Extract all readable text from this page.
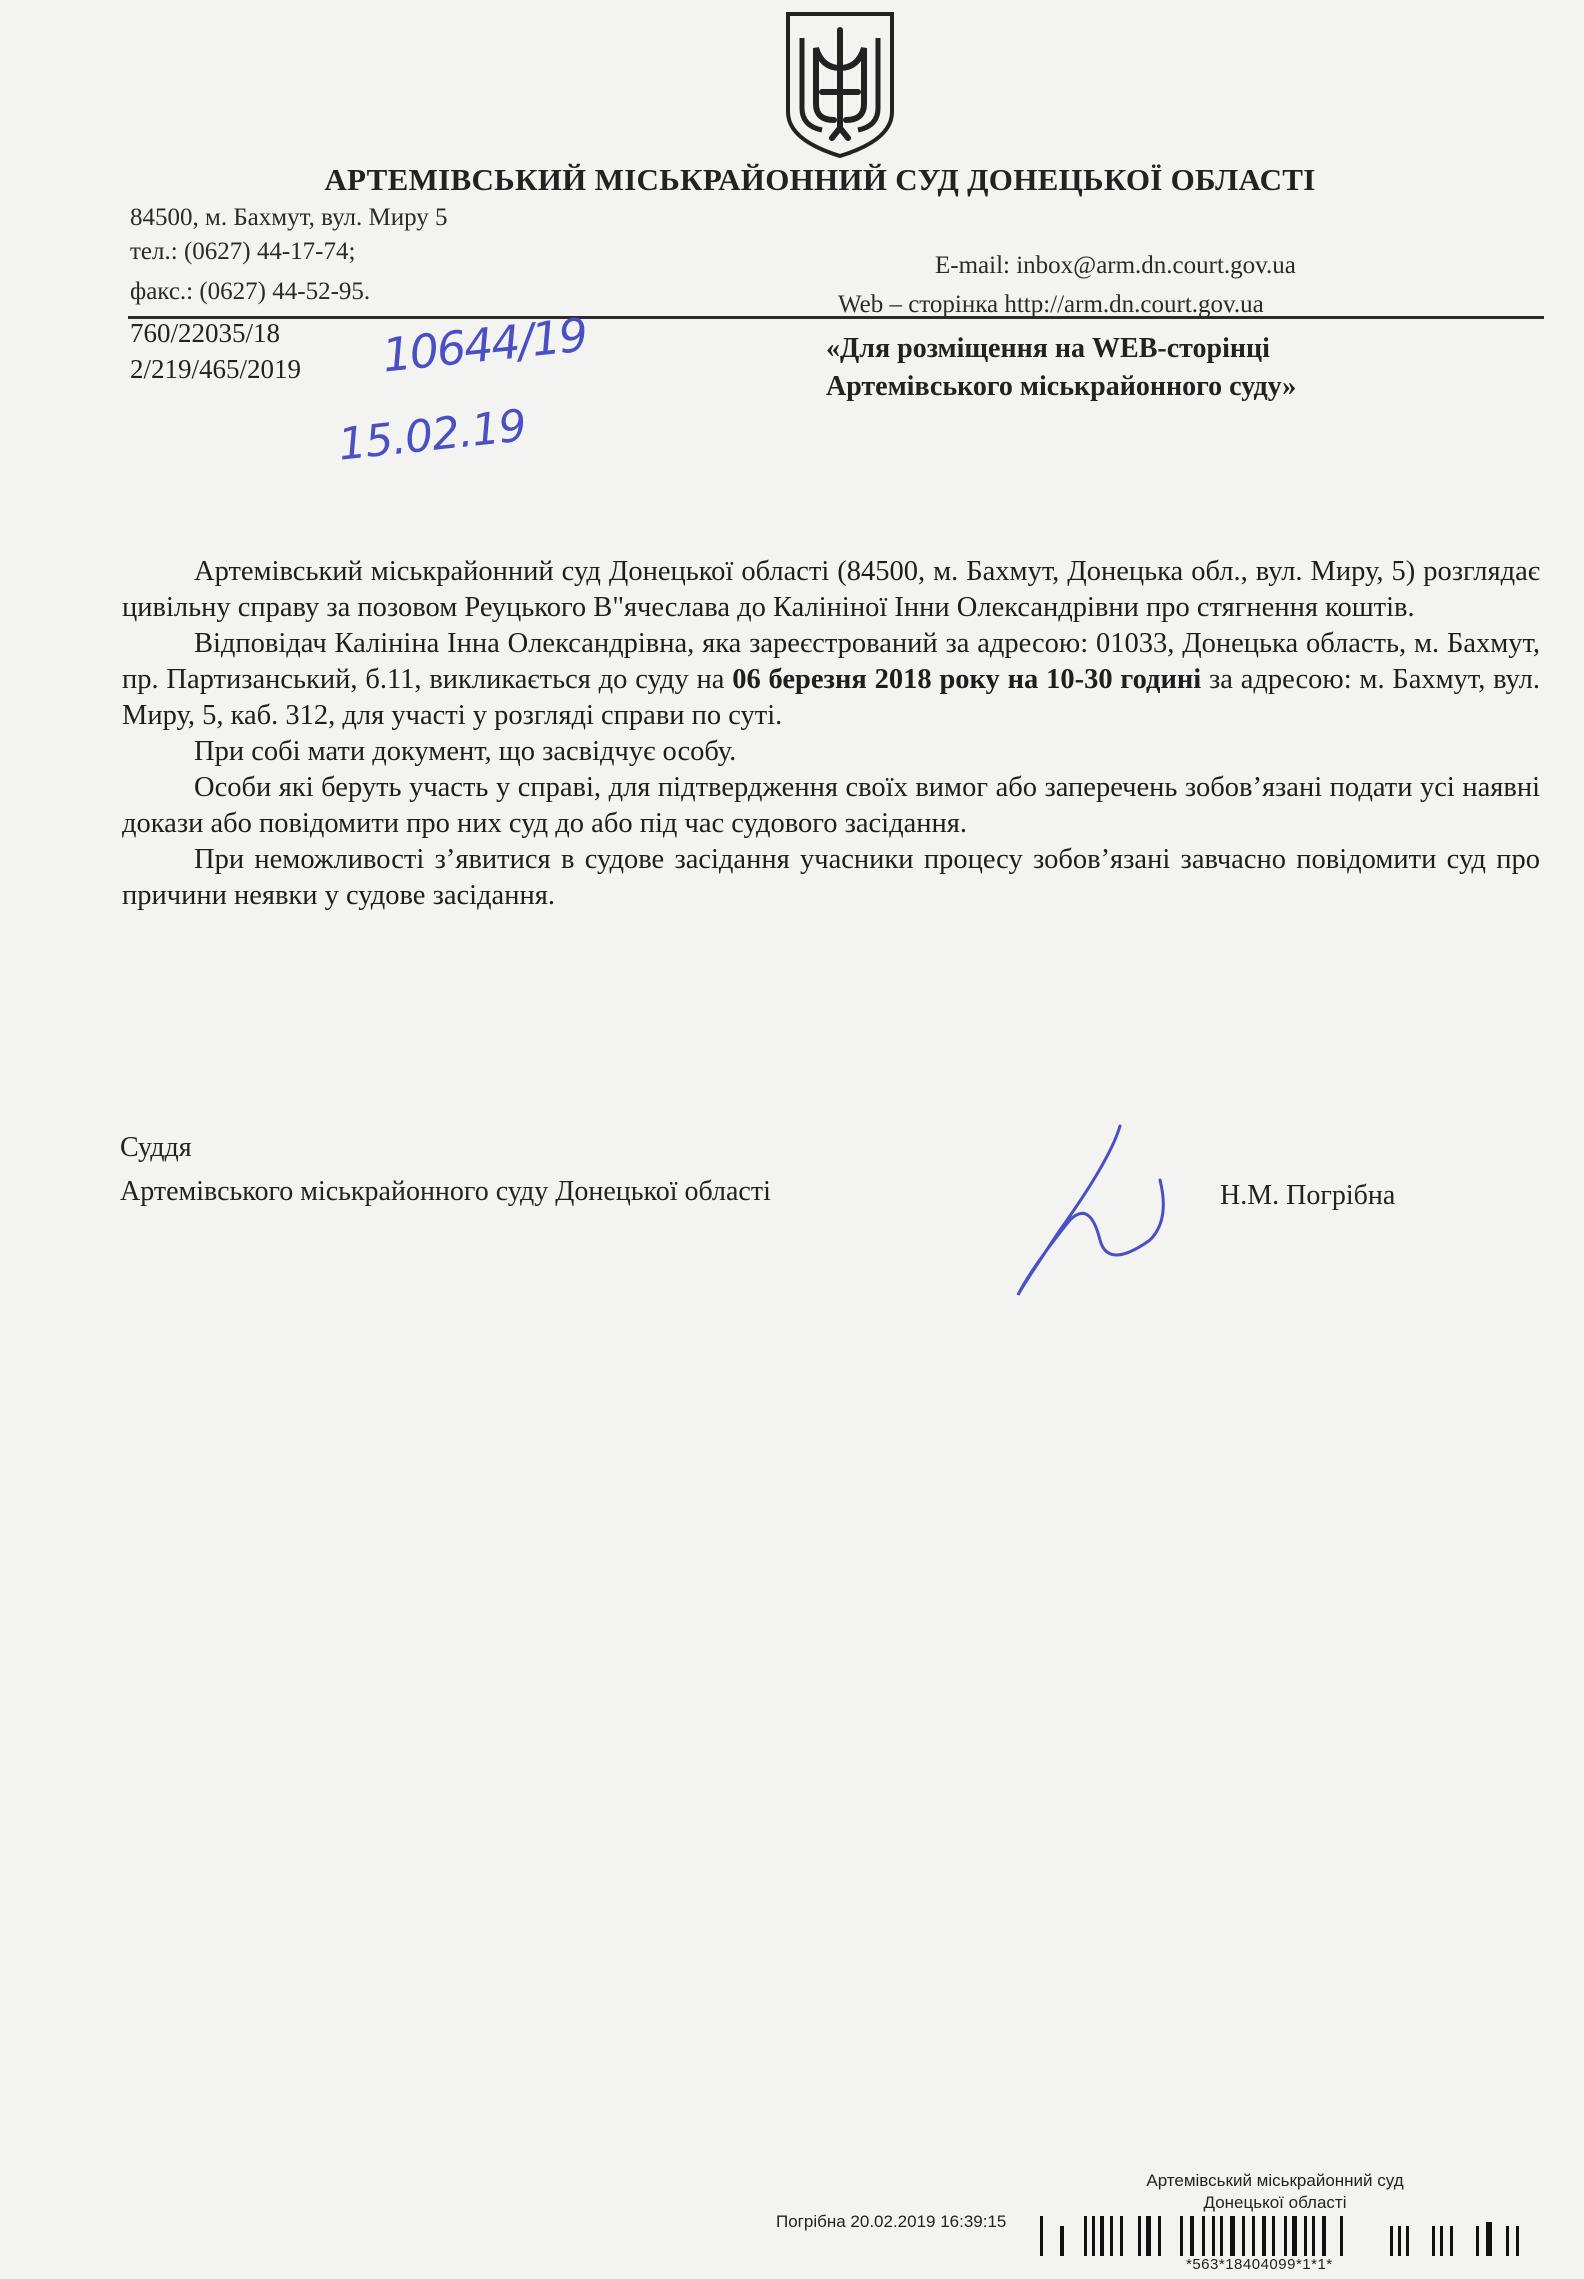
АРТЕМІВСЬКИЙ МІСЬКРАЙОННИЙ СУД ДОНЕЦЬКОЇ ОБЛАСТІ
84500, м. Бахмут, вул. Миру 5
тел.: (0627) 44-17-74;
факс.: (0627) 44-52-95.
E-mail: inbox@arm.dn.court.gov.ua
Web – сторінка http://arm.dn.court.gov.ua
760/22035/18
2/219/465/2019 10644/19
15.02.19
«Для розміщення на WEB-сторінці
Артемівського міськрайонного суду»

Артемівський міськрайонний суд Донецької області (84500, м. Бахмут, Донецька обл., вул. Миру, 5) розглядає цивільну справу за позовом Реуцького В"ячеслава до Калініної Інни Олександрівни про стягнення коштів.

Відповідач Калініна Інна Олександрівна, яка зареєстрований за адресою: 01033, Донецька область, м. Бахмут, пр. Партизанський, б.11, викликається до суду на 06 березня 2018 року на 10-30 годині за адресою: м. Бахмут, вул. Миру, 5, каб. 312, для участі у розгляді справи по суті.

При собі мати документ, що засвідчує особу.

Особи які беруть участь у справі, для підтвердження своїх вимог або заперечень зобов’язані подати усі наявні докази або повідомити про них суд до або під час судового засідання.

При неможливості з’явитися в судове засідання учасники процесу зобов’язані завчасно повідомити суд про причини неявки у судове засідання.

Суддя
Артемівського міськрайонного суду Донецької області	Н.М. Погрібна
Артемівський міськрайонний суд
Донецької області
Погрібна 20.02.2019 16:39:15
*563*18404099*1*1*
